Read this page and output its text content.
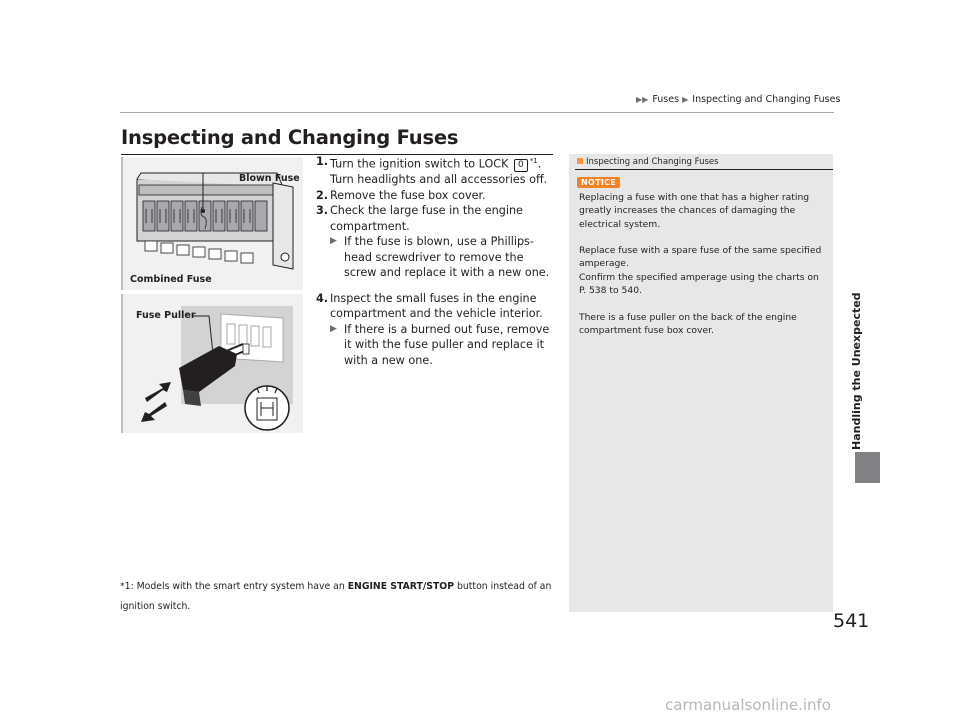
▶▶ Fuses ▶ Inspecting and Changing Fuses
Handling the Unexpected
Inspecting and Changing Fuses
Blown Fuse
Combined Fuse
Fuse Puller
1. Turn the ignition switch to LOCK 0 $^{*1}$. Turn headlights and all accessories off.
2. Remove the fuse box cover.
3. Check the large fuse in the engine compartment.
▶ If the fuse is blown, use a Phillips-head screwdriver to remove the screw and replace it with a new one.
4. Inspect the small fuses in the engine compartment and the vehicle interior.
▶ If there is a burned out fuse, remove it with the fuse puller and replace it with a new one.
*1: Models with the smart entry system have an ENGINE START/STOP button instead of an ignition switch.
Inspecting and Changing Fuses
NOTICE

Replacing a fuse with one that has a higher rating greatly increases the chances of damaging the electrical system.

Replace fuse with a spare fuse of the same specified amperage.
Confirm the specified amperage using the charts on P. 538 to 540.

There is a fuse puller on the back of the engine compartment fuse box cover.

541
carmanualsonline.info
